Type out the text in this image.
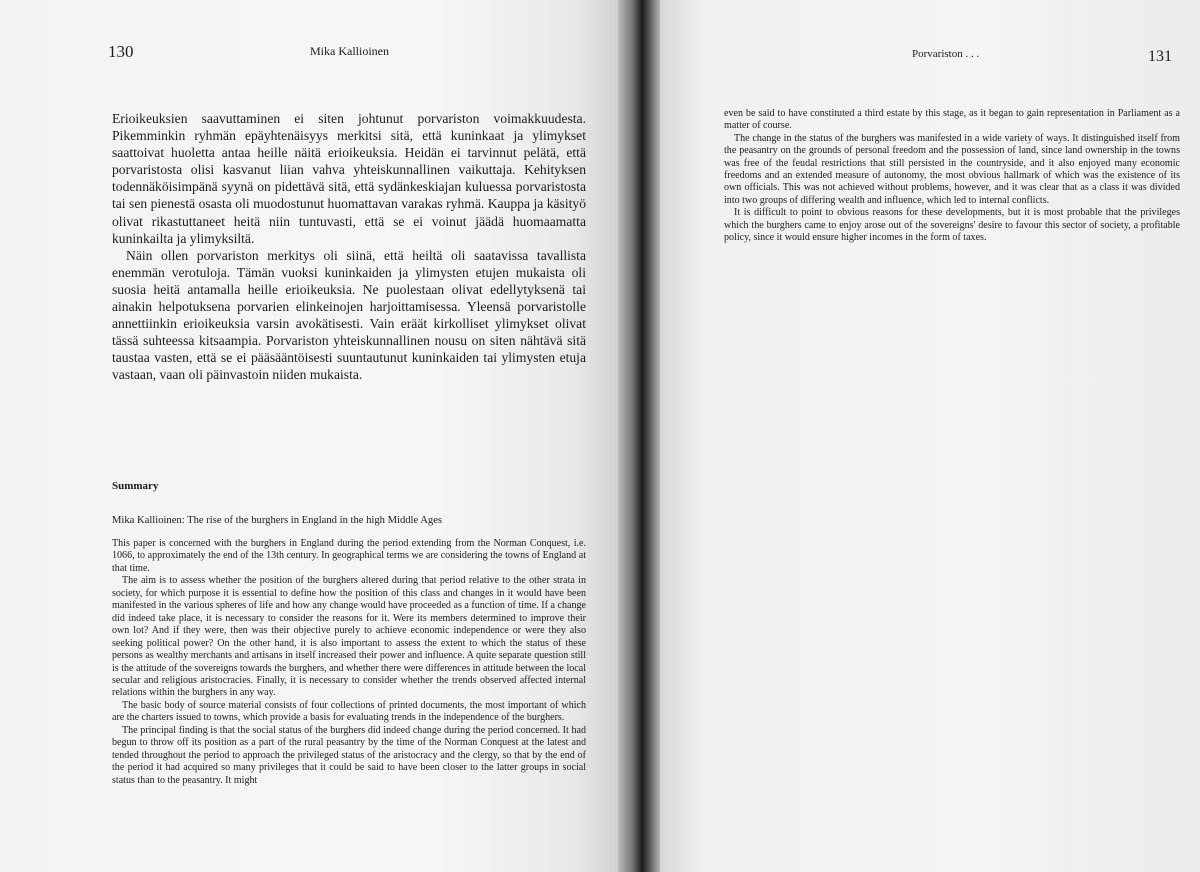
130	Mika Kallioinen

Erioikeuksien saavuttaminen ei siten johtunut porvariston voimakkuudesta. Pikemminkin ryhmän epäyhtenäisyys merkitsi sitä, että kuninkaat ja ylimykset saattoivat huoletta antaa heille näitä erioikeuksia. Heidän ei tarvinnut pelätä, että porvaristosta olisi kasvanut liian vahva yhteiskunnallinen vaikuttaja. Kehityksen todennäköisimpänä syynä on pidettävä sitä, että sydänkeskiajan kuluessa porvaristosta tai sen pienestä osasta oli muodostunut huomattavan varakas ryhmä. Kauppa ja käsityö olivat rikastuttaneet heitä niin tuntuvasti, että se ei voinut jäädä huomaamatta kuninkailta ja ylimyksiltä.

Näin ollen porvariston merkitys oli siinä, että heiltä oli saatavissa tavallista enemmän verotuloja. Tämän vuoksi kuninkaiden ja ylimysten etujen mukaista oli suosia heitä antamalla heille erioikeuksia. Ne puolestaan olivat edellytyksenä tai ainakin helpotuksena porvarien elinkeinojen harjoittamisessa. Yleensä porvaristolle annettiinkin erioikeuksia varsin avokätisesti. Vain eräät kirkolliset ylimykset olivat tässä suhteessa kitsaampia. Porvariston yhteiskunnallinen nousu on siten nähtävä sitä taustaa vasten, että se ei pääsääntöisesti suuntautunut kuninkaiden tai ylimysten etuja vastaan, vaan oli päinvastoin niiden mukaista.

Summary
Mika Kallioinen: The rise of the burghers in England in the high Middle Ages

This paper is concerned with the burghers in England during the period extending from the Norman Conquest, i.e. 1066, to approximately the end of the 13th century. In geographical terms we are considering the towns of England at that time.

The aim is to assess whether the position of the burghers altered during that period relative to the other strata in society, for which purpose it is essential to define how the position of this class and changes in it would have been manifested in the various spheres of life and how any change would have proceeded as a function of time. If a change did indeed take place, it is necessary to consider the reasons for it. Were its members determined to improve their own lot? And if they were, then was their objective purely to achieve economic independence or were they also seeking political power? On the other hand, it is also important to assess the extent to which the status of these persons as wealthy merchants and artisans in itself increased their power and influence. A quite separate question still is the attitude of the sovereigns towards the burghers, and whether there were differences in attitude between the local secular and religious aristocracies. Finally, it is necessary to consider whether the trends observed affected internal relations within the burghers in any way.

The basic body of source material consists of four collections of printed documents, the most important of which are the charters issued to towns, which provide a basis for evaluating trends in the independence of the burghers.

The principal finding is that the social status of the burghers did indeed change during the period concerned. It had begun to throw off its position as a part of the rural peasantry by the time of the Norman Conquest at the latest and tended throughout the period to approach the privileged status of the aristocracy and the clergy, so that by the end of the period it had acquired so many privileges that it could be said to have been closer to the latter groups in social status than to the peasantry. It might

Porvariston . . .	131

even be said to have constituted a third estate by this stage, as it began to gain representation in Parliament as a matter of course.

The change in the status of the burghers was manifested in a wide variety of ways. It distinguished itself from the peasantry on the grounds of personal freedom and the possession of land, since land ownership in the towns was free of the feudal restrictions that still persisted in the countryside, and it also enjoyed many economic freedoms and an extended measure of autonomy, the most obvious hallmark of which was the existence of its own officials. This was not achieved without problems, however, and it was clear that as a class it was divided into two groups of differing wealth and influence, which led to internal conflicts.

It is difficult to point to obvious reasons for these developments, but it is most probable that the privileges which the burghers came to enjoy arose out of the sovereigns' desire to favour this sector of society, a profitable policy, since it would ensure higher incomes in the form of taxes.
